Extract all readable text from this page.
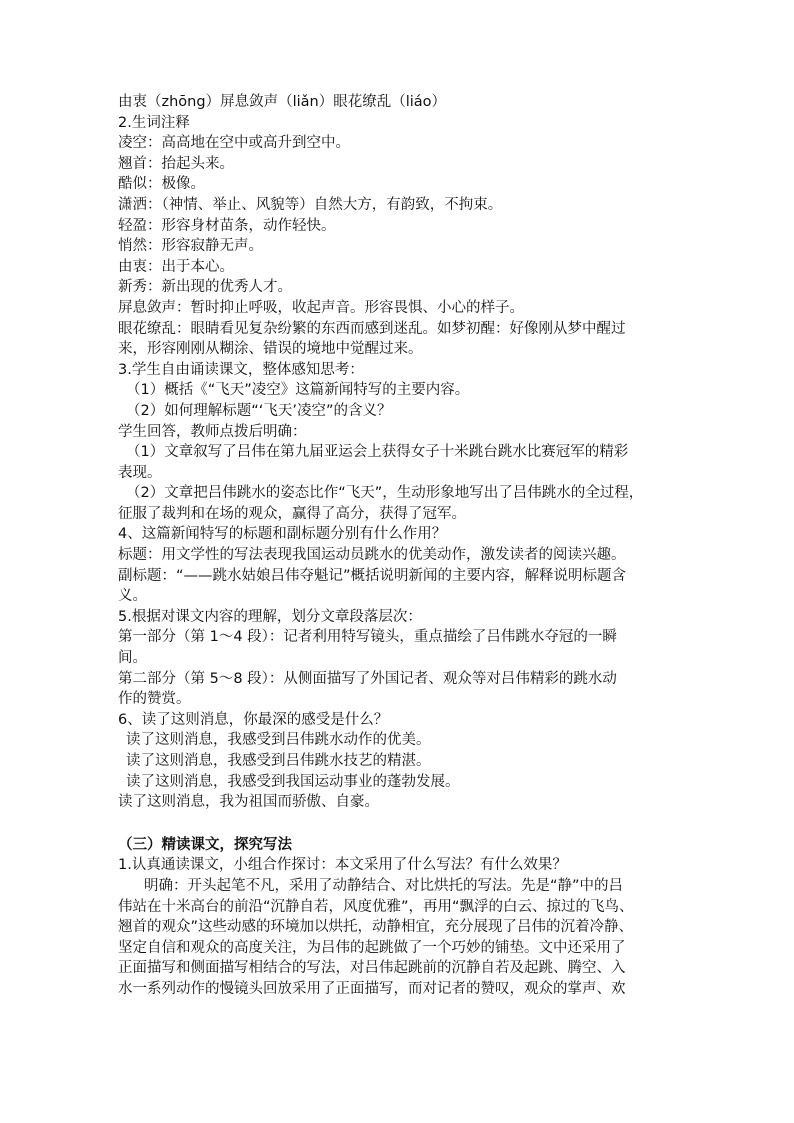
由衷（zhōng）屏息敛声（liǎn）眼花缭乱（liáo）
2.生词注释
凌空：高高地在空中或高升到空中。
翘首：抬起头来。
酷似：极像。
潇洒：（神情、举止、风貌等）自然大方，有韵致，不拘束。
轻盈：形容身材苗条，动作轻快。
悄然：形容寂静无声。
由衷：出于本心。
新秀：新出现的优秀人才。
屏息敛声：暂时抑止呼吸，收起声音。形容畏惧、小心的样子。
眼花缭乱：眼睛看见复杂纷繁的东西而感到迷乱。如梦初醒：好像刚从梦中醒过
来，形容刚刚从糊涂、错误的境地中觉醒过来。
3.学生自由诵读课文，整体感知思考：
（1）概括《“飞天”凌空》这篇新闻特写的主要内容。
（2）如何理解标题“‘飞天’凌空”的含义？
学生回答，教师点拨后明确：
（1）文章叙写了吕伟在第九届亚运会上获得女子十米跳台跳水比赛冠军的精彩
表现。
（2）文章把吕伟跳水的姿态比作“飞天”，生动形象地写出了吕伟跳水的全过程，
征服了裁判和在场的观众，赢得了高分，获得了冠军。
4、这篇新闻特写的标题和副标题分别有什么作用？
标题：用文学性的写法表现我国运动员跳水的优美动作，激发读者的阅读兴趣。
副标题：“——跳水姑娘吕伟夺魁记”概括说明新闻的主要内容，解释说明标题含
义。
5.根据对课文内容的理解，划分文章段落层次：
第一部分（第 1～4 段）：记者利用特写镜头，重点描绘了吕伟跳水夺冠的一瞬
间。
第二部分（第 5～8 段）：从侧面描写了外国记者、观众等对吕伟精彩的跳水动
作的赞赏。
6、读了这则消息，你最深的感受是什么？
读了这则消息，我感受到吕伟跳水动作的优美。
读了这则消息，我感受到吕伟跳水技艺的精湛。
读了这则消息，我感受到我国运动事业的蓬勃发展。
读了这则消息，我为祖国而骄傲、自豪。
（三）精读课文，探究写法
1.认真通读课文，小组合作探讨：本文采用了什么写法？有什么效果？
明确：开头起笔不凡，采用了动静结合、对比烘托的写法。先是“静”中的吕
伟站在十米高台的前沿“沉静自若，风度优雅”，再用“飘浮的白云、掠过的飞鸟、
翘首的观众”这些动感的环境加以烘托，动静相宜，充分展现了吕伟的沉着冷静、
坚定自信和观众的高度关注，为吕伟的起跳做了一个巧妙的铺垫。文中还采用了
正面描写和侧面描写相结合的写法，对吕伟起跳前的沉静自若及起跳、腾空、入
水一系列动作的慢镜头回放采用了正面描写，而对记者的赞叹，观众的掌声、欢
